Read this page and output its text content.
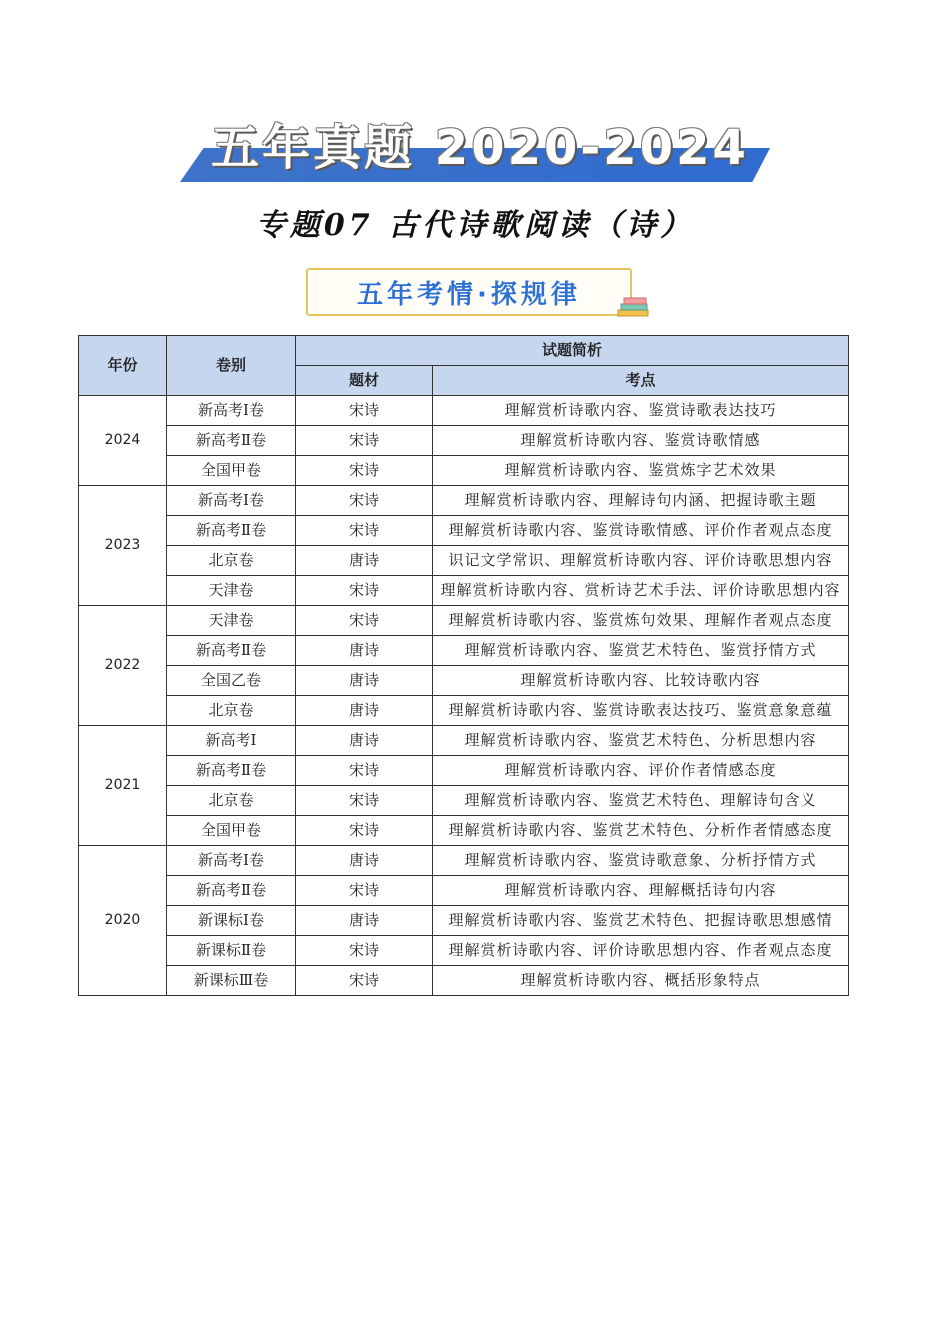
五年真题 2020-2024
专题07 古代诗歌阅读（诗）
五年考情·探规律
年份	卷别	试题简析	
		题材	考点
2024	新高考Ⅰ卷	宋诗	理解赏析诗歌内容、鉴赏诗歌表达技巧
	新高考Ⅱ卷	宋诗	理解赏析诗歌内容、鉴赏诗歌情感
	全国甲卷	宋诗	理解赏析诗歌内容、鉴赏炼字艺术效果
2023	新高考Ⅰ卷	宋诗	理解赏析诗歌内容、理解诗句内涵、把握诗歌主题
	新高考Ⅱ卷	宋诗	理解赏析诗歌内容、鉴赏诗歌情感、评价作者观点态度
	北京卷	唐诗	识记文学常识、理解赏析诗歌内容、评价诗歌思想内容
	天津卷	宋诗	理解赏析诗歌内容、赏析诗艺术手法、评价诗歌思想内容
2022	天津卷	宋诗	理解赏析诗歌内容、鉴赏炼句效果、理解作者观点态度
	新高考Ⅱ卷	唐诗	理解赏析诗歌内容、鉴赏艺术特色、鉴赏抒情方式
	全国乙卷	唐诗	理解赏析诗歌内容、比较诗歌内容
	北京卷	唐诗	理解赏析诗歌内容、鉴赏诗歌表达技巧、鉴赏意象意蕴
2021	新高考Ⅰ	唐诗	理解赏析诗歌内容、鉴赏艺术特色、分析思想内容
	新高考Ⅱ卷	宋诗	理解赏析诗歌内容、评价作者情感态度
	北京卷	宋诗	理解赏析诗歌内容、鉴赏艺术特色、理解诗句含义
	全国甲卷	宋诗	理解赏析诗歌内容、鉴赏艺术特色、分析作者情感态度
2020	新高考Ⅰ卷	唐诗	理解赏析诗歌内容、鉴赏诗歌意象、分析抒情方式
	新高考Ⅱ卷	宋诗	理解赏析诗歌内容、理解概括诗句内容
	新课标Ⅰ卷	唐诗	理解赏析诗歌内容、鉴赏艺术特色、把握诗歌思想感情
	新课标Ⅱ卷	宋诗	理解赏析诗歌内容、评价诗歌思想内容、作者观点态度
	新课标Ⅲ卷	宋诗	理解赏析诗歌内容、概括形象特点
